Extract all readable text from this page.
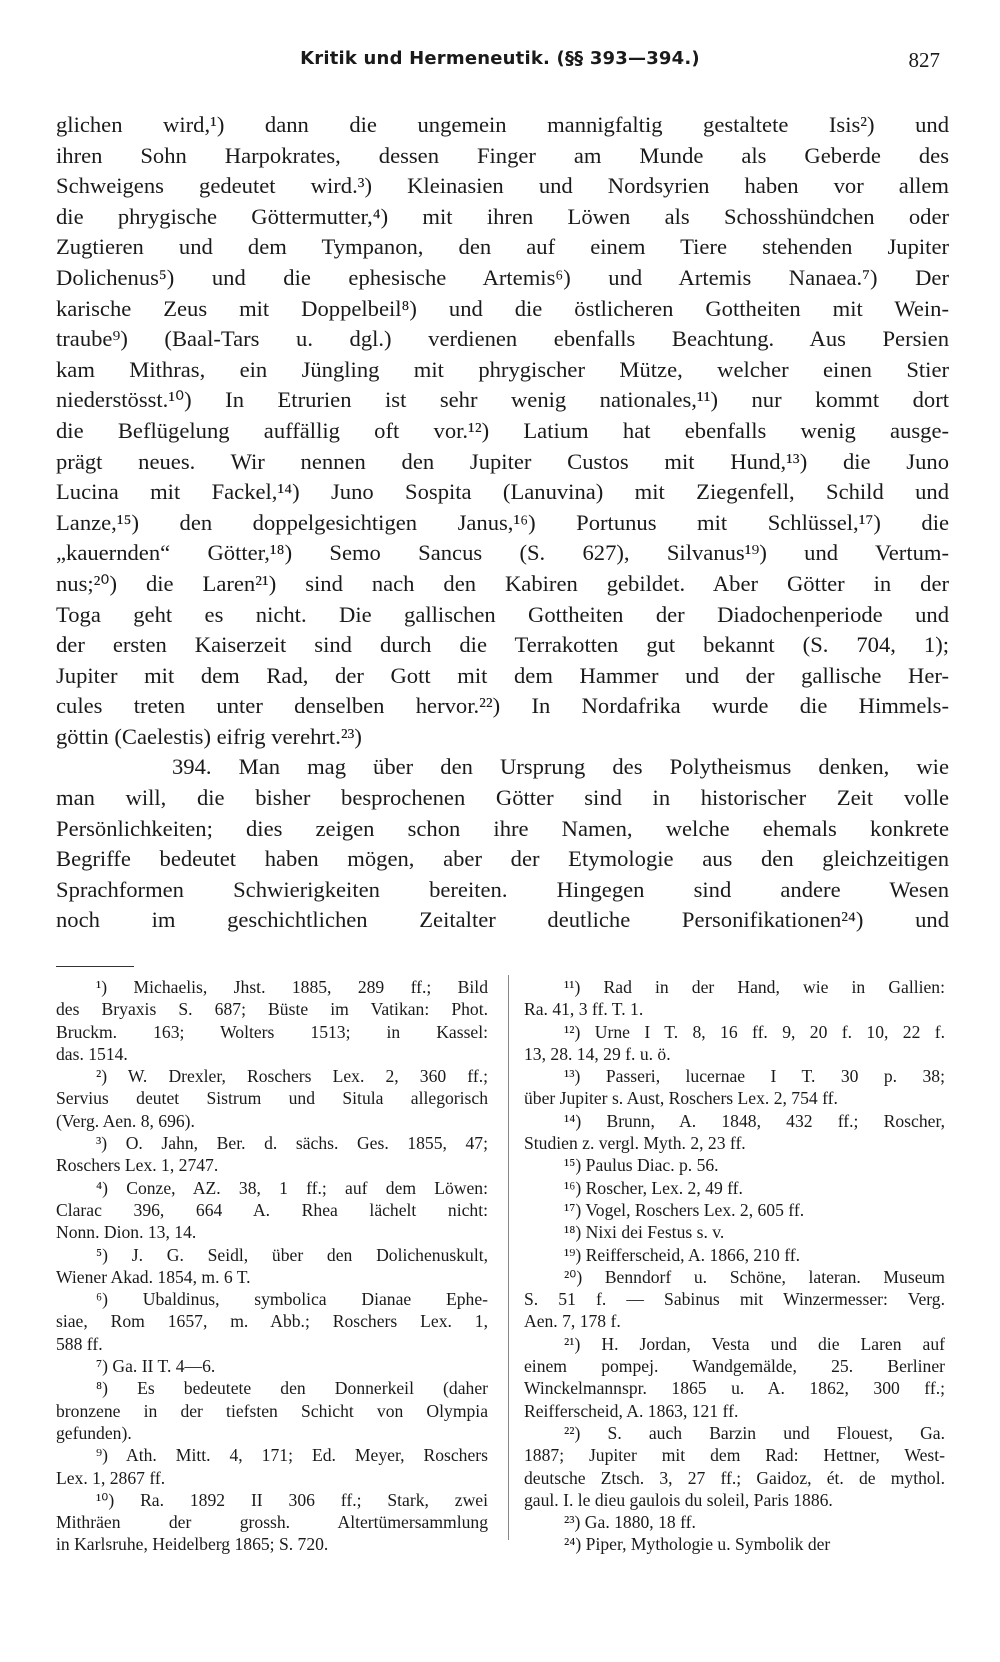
Kritik und Hermeneutik. (§§ 393—394.)	827
glichen wird,¹) dann die ungemein mannigfaltig gestaltete Isis²) und
ihren Sohn Harpokrates, dessen Finger am Munde als Geberde des
Schweigens gedeutet wird.³) Kleinasien und Nordsyrien haben vor allem
die phrygische Göttermutter,⁴) mit ihren Löwen als Schosshündchen oder
Zugtieren und dem Tympanon, den auf einem Tiere stehenden Jupiter
Dolichenus⁵) und die ephesische Artemis⁶) und Artemis Nanaea.⁷) Der
karische Zeus mit Doppelbeil⁸) und die östlicheren Gottheiten mit Wein-
traube⁹) (Baal-Tars u. dgl.) verdienen ebenfalls Beachtung. Aus Persien
kam Mithras, ein Jüngling mit phrygischer Mütze, welcher einen Stier
niederstösst.¹⁰) In Etrurien ist sehr wenig nationales,¹¹) nur kommt dort
die Beflügelung auffällig oft vor.¹²) Latium hat ebenfalls wenig ausge-
prägt neues. Wir nennen den Jupiter Custos mit Hund,¹³) die Juno
Lucina mit Fackel,¹⁴) Juno Sospita (Lanuvina) mit Ziegenfell, Schild und
Lanze,¹⁵) den doppelgesichtigen Janus,¹⁶) Portunus mit Schlüssel,¹⁷) die
„kauernden“ Götter,¹⁸) Semo Sancus (S. 627), Silvanus¹⁹) und Vertum-
nus;²⁰) die Laren²¹) sind nach den Kabiren gebildet. Aber Götter in der
Toga geht es nicht. Die gallischen Gottheiten der Diadochenperiode und
der ersten Kaiserzeit sind durch die Terrakotten gut bekannt (S. 704, 1);
Jupiter mit dem Rad, der Gott mit dem Hammer und der gallische Her-
cules treten unter denselben hervor.²²) In Nordafrika wurde die Himmels-
göttin (Caelestis) eifrig verehrt.²³)
394. Man mag über den Ursprung des Polytheismus denken, wie
man will, die bisher besprochenen Götter sind in historischer Zeit volle
Persönlichkeiten; dies zeigen schon ihre Namen, welche ehemals konkrete
Begriffe bedeutet haben mögen, aber der Etymologie aus den gleichzeitigen
Sprachformen Schwierigkeiten bereiten. Hingegen sind andere Wesen
noch im geschichtlichen Zeitalter deutliche Personifikationen²⁴) und
¹) Michaelis, Jhst. 1885, 289 ff.; Bild
des Bryaxis S. 687; Büste im Vatikan: Phot.
Bruckm. 163; Wolters 1513; in Kassel:
das. 1514.
²) W. Drexler, Roschers Lex. 2, 360 ff.;
Servius deutet Sistrum und Situla allegorisch
(Verg. Aen. 8, 696).
³) O. Jahn, Ber. d. sächs. Ges. 1855, 47;
Roschers Lex. 1, 2747.
⁴) Conze, AZ. 38, 1 ff.; auf dem Löwen:
Clarac 396, 664 A. Rhea lächelt nicht:
Nonn. Dion. 13, 14.
⁵) J. G. Seidl, über den Dolichenuskult,
Wiener Akad. 1854, m. 6 T.
⁶) Ubaldinus, symbolica Dianae Ephe-
siae, Rom 1657, m. Abb.; Roschers Lex. 1,
588 ff.
⁷) Ga. II T. 4—6.
⁸) Es bedeutete den Donnerkeil (daher
bronzene in der tiefsten Schicht von Olympia
gefunden).
⁹) Ath. Mitt. 4, 171; Ed. Meyer, Roschers
Lex. 1, 2867 ff.
¹⁰) Ra. 1892 II 306 ff.; Stark, zwei
Mithräen der grossh. Altertümersammlung
in Karlsruhe, Heidelberg 1865; S. 720.
¹¹) Rad in der Hand, wie in Gallien:
Ra. 41, 3 ff. T. 1.
¹²) Urne I T. 8, 16 ff. 9, 20 f. 10, 22 f.
13, 28. 14, 29 f. u. ö.
¹³) Passeri, lucernae I T. 30 p. 38;
über Jupiter s. Aust, Roschers Lex. 2, 754 ff.
¹⁴) Brunn, A. 1848, 432 ff.; Roscher,
Studien z. vergl. Myth. 2, 23 ff.
¹⁵) Paulus Diac. p. 56.
¹⁶) Roscher, Lex. 2, 49 ff.
¹⁷) Vogel, Roschers Lex. 2, 605 ff.
¹⁸) Nixi dei Festus s. v.
¹⁹) Reifferscheid, A. 1866, 210 ff.
²⁰) Benndorf u. Schöne, lateran. Museum
S. 51 f. — Sabinus mit Winzermesser: Verg.
Aen. 7, 178 f.
²¹) H. Jordan, Vesta und die Laren auf
einem pompej. Wandgemälde, 25. Berliner
Winckelmannspr. 1865 u. A. 1862, 300 ff.;
Reifferscheid, A. 1863, 121 ff.
²²) S. auch Barzin und Flouest, Ga.
1887; Jupiter mit dem Rad: Hettner, West-
deutsche Ztsch. 3, 27 ff.; Gaidoz, ét. de mythol.
gaul. I. le dieu gaulois du soleil, Paris 1886.
²³) Ga. 1880, 18 ff.
²⁴) Piper, Mythologie u. Symbolik der
